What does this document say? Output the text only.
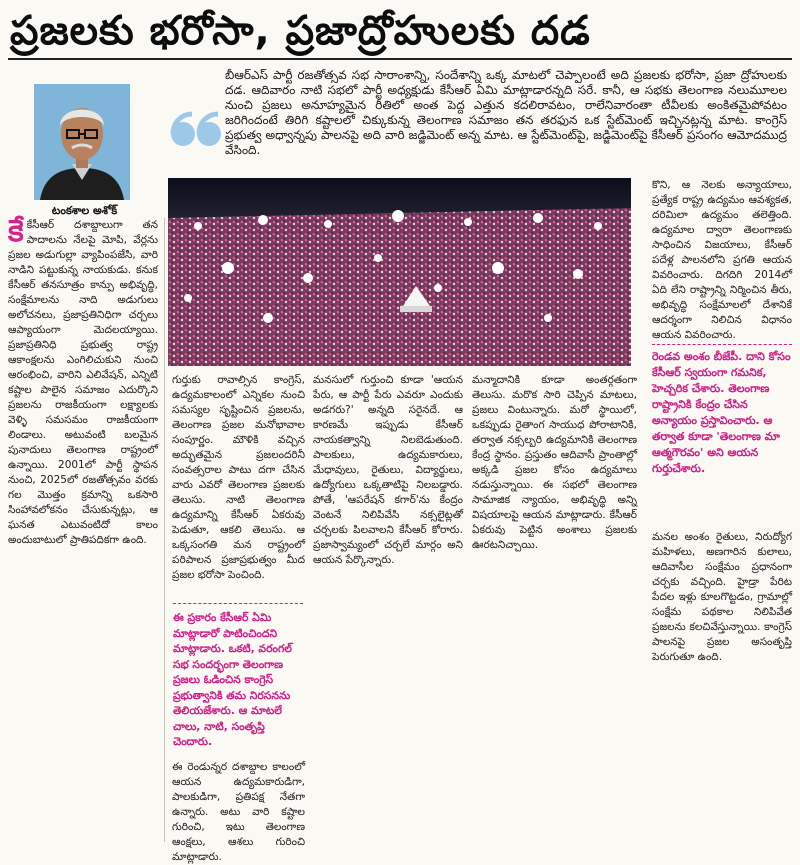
ప్రజలకు భరోసా, ప్రజాద్రోహులకు దడ
టంకశాల అశోక్
బీఆర్ఎస్ పార్టీ రజతోత్సవ సభ సారాంశాన్ని, సందేశాన్ని ఒక్క మాటలో చెప్పాలంటే అది ప్రజలకు భరోసా, ప్రజా ద్రోహులకు దడ. ఆదివారం నాటి సభలో పార్టీ అధ్యక్షుడు కేసీఆర్ ఏమి మాట్లాడారన్నది సరే. కానీ, ఆ సభకు తెలంగాణ నలుమూలల నుంచి ప్రజలు అనూహ్యమైన రీతిలో అంత పెద్ద ఎత్తున కదలిరావటం, రాలేనివారంతా టీవీలకు అంకితమైపోవటం జరిగిందంటే తిరిగి కష్టాలలో చిక్కుకున్న తెలంగాణ సమాజం తన తరఫున ఒక స్టేట్‌మెంట్ ఇచ్చినట్లన్న మాట. కాంగ్రెస్ ప్రభుత్వ అధ్వాన్నపు పాలనపై అది వారి జడ్జిమెంట్ అన్న మాట. ఆ స్టేట్‌మెంట్‌పై, జడ్జిమెంట్‌పై కేసీఆర్ ప్రసంగం ఆమోదముద్ర వేసింది.
కే కేసీఆర్ దశాబ్దాలుగా తన పాదాలను నేలపై మోపి, వేర్లను ప్రజల అడుగుల్లా వ్యాపింపజేసి, వారి నాడిని పట్టుకున్న నాయకుడు. కనుక కేసీఆర్ తనసూత్రం కాన్పు అభివృద్ధి, సంక్షేమాలను నాది అడుగులు అలోచనలు, ప్రజాప్రతినిధిగా చర్చలు ఆప్యాయంగా మెదలయ్యాయి. ప్రజాప్రతినిధి ప్రభుత్వ రాష్ట్ర ఆకాంక్షలను ఎంగిలిచుకుని నుంచి ఆరంభించి, వారిని ఎలివేషన్, ఎన్నిటి కష్టాల పాలైన సమాజం ఎదుర్కొని ప్రజలను రాజకీయంగా లక్ష్యాలకు వెళ్ళి సమసమం రాజకీయంగా లిండాలు. అటువంటి బలమైన పునాదులు తెలంగాణ రాష్ట్రంలో ఉన్నాయి. 2001లో పార్టీ స్థాపన నుంచి, 2025లో రజతోత్సవం వరకు గల మొత్తం క్రమాన్ని ఒకసారి సింహావలోకనం చేసుకున్నట్లు, ఆ ఘనత ఎటువంటిదో కాలం అందుబాటులో ప్రాతిపదికగా ఉంది.
గుర్తుకు రావాల్సిన కాంగ్రెస్, ఉద్యమకాలంలో ఎన్నికల నుంచి సమస్యల సృష్టించిన ప్రజలను, తెలంగాణ ప్రజల మనోభావాల సంపూర్ణం. మౌళికి వచ్చిన అద్భుతమైన ప్రజలందరినీ సంవత్సరాల పాటు దగా చేసిన వారు ఎవరో తెలంగాణ ప్రజలకు తెలుసు. నాటి తెలంగాణ ఉద్యమాన్ని కేసీఆర్ ఏకరువు పెడుతూ, ఆకలి తెలుసు. ఆ ఒక్కసంగతి మన రాష్ట్రంలో పరిపాలన ప్రజాప్రభుత్వం మీద ప్రజల భరోసా పెంచింది.
ఈ ప్రకారం కేసీఆర్ ఏమి మాట్లాడారో పాటించిందని మాట్లాడారు. ఒకటి, వరంగల్ సభ సందర్భంగా తెలంగాణ ప్రజలు ఓడించిన కాంగ్రెస్ ప్రభుత్వానికి తమ నిరసనను తెలియజేశారు. ఆ మాటలే చాలు, నాటి, సంతృప్తి చెందారు.
ఈ రెండున్నర దశాబ్దాల కాలంలో ఆయన ఉద్యమకారుడిగా, పాలకుడిగా, ప్రతిపక్ష నేతగా ఉన్నారు. అటు వారి కష్టాల గురించి, ఇటు తెలంగాణ ఆంక్షలు, ఆశలు గురించి మాట్లాడారు.
మనసులో గుర్తుంచి కూడా 'ఆయన పేరు, ఆ పార్టీ పేరు ఎవరూ ఎందుకు అడగరు?' అన్నది సరైనదే. ఆ కారణమే ఇప్పుడు కేసీఆర్ నాయకత్వాన్ని నిలబెడుతుంది. పాలకులు, ఉద్యమకారులు, మేధావులు, రైతులు, విద్యార్థులు, ఉద్యోగులు ఒక్కతాటిపై నిలబడ్డారు. పోతే, 'ఆపరేషన్ కగార్'ను కేంద్రం వెంటనే నిలిపివేసి నక్సలైట్లతో చర్చలకు పిలవాలని కేసీఆర్ కోరారు. ప్రజాస్వామ్యంలో చర్చలే మార్గం అని ఆయన పేర్కొన్నారు.
మన్మాదానికి కూడా అంతర్గతంగా తెలుసు. మరొక సారి చెప్పిన మాటలు, ప్రజలు వింటున్నారు. మరో స్థాయిలో, ఒకప్పుడు రైతాంగ సాయుధ పోరాటానికి, తర్వాత నక్సల్బరి ఉద్యమానికి తెలంగాణ కేంద్ర స్థానం. ప్రస్తుతం ఆదివాసీ ప్రాంతాల్లో అక్కడి ప్రజల కోసం ఉద్యమాలు నడుస్తున్నాయి. ఈ సభలో తెలంగాణ సామాజిక న్యాయం, అభివృద్ధి అన్ని విషయాలపై ఆయన మాట్లాడారు. కేసీఆర్ ఏకరువు పెట్టిన అంశాలు ప్రజలకు ఊరటనిచ్చాయి.
కొని, ఆ నెలకు అన్యాయాలు, ప్రత్యేక రాష్ట్ర ఉద్యమం ఆవశ్యకత, దరిమిలా ఉద్యమం తలెత్తింది. ఉద్యమాల ద్వారా తెలంగాణకు సాధించిన విజయాలు, కేసీఆర్ పదేళ్ల పాలనలోని ప్రగతి ఆయన వివరించారు. దిగదిగి 2014లో ఏది లేని రాష్ట్రాన్ని నిర్మించిన తీరు, అభివృద్ధి సంక్షేమాలలో దేశానికే ఆదర్శంగా నిలిచిన విధానం ఆయన వివరించారు.
రెండవ అంశం బీజేపీ. దాని కోసం కేసీఆర్ స్వయంగా గమనిక, హెచ్చరిక చేశారు. తెలంగాణ రాష్ట్రానికి కేంద్రం చేసిన అన్యాయం ప్రస్తావించారు. ఆ తర్వాత కూడా 'తెలంగాణ మా ఆత్మగౌరవం' అని ఆయన గుర్తుచేశారు.
మనల అంశం రైతులు, నిరుద్యోగ మహిళలు, అణగారిన కులాలు, ఆదివాసీల సంక్షేమం ప్రధానంగా చర్చకు వచ్చింది. హైడ్రా పేరిట పేదల ఇళ్లు కూలగొట్టడం, గ్రామాల్లో సంక్షేమ పథకాల నిలిపివేత ప్రజలను కలచివేస్తున్నాయి. కాంగ్రెస్ పాలనపై ప్రజల అసంతృప్తి పెరుగుతూ ఉంది.
